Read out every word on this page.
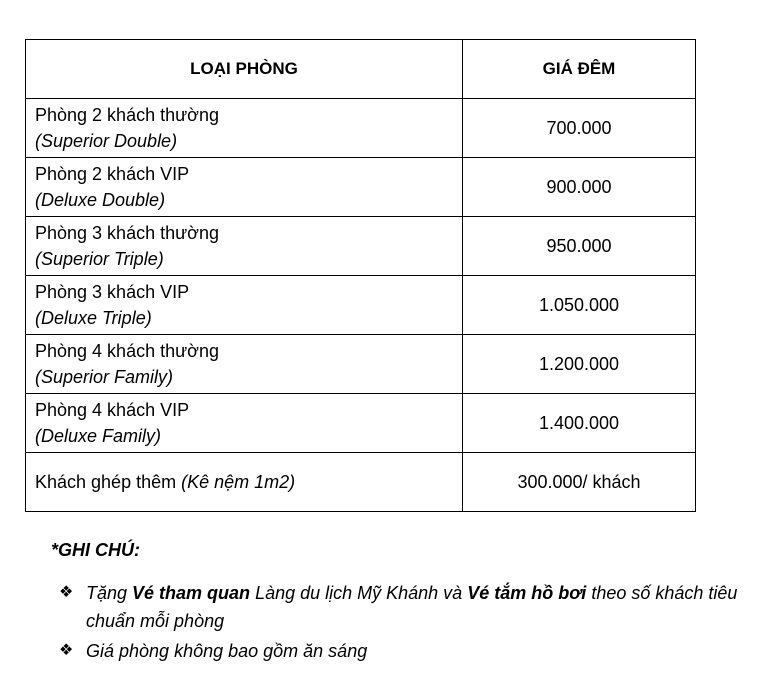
LOẠI PHÒNG	GIÁ ĐÊM

Phòng 2 khách thường
(Superior Double)	700.000

Phòng 2 khách VIP
(Deluxe Double)	900.000

Phòng 3 khách thường
(Superior Triple)	950.000

Phòng 3 khách VIP
(Deluxe Triple)	1.050.000

Phòng 4 khách thường
(Superior Family)	1.200.000

Phòng 4 khách VIP
(Deluxe Family)	1.400.000
Khách ghép thêm (Kê nệm 1m2)	300.000/ khách
*GHI CHÚ:
❖ Tặng Vé tham quan Làng du lịch Mỹ Khánh và Vé tắm hồ bơi theo số khách tiêu chuẩn mỗi phòng
❖ Giá phòng không bao gồm ăn sáng
